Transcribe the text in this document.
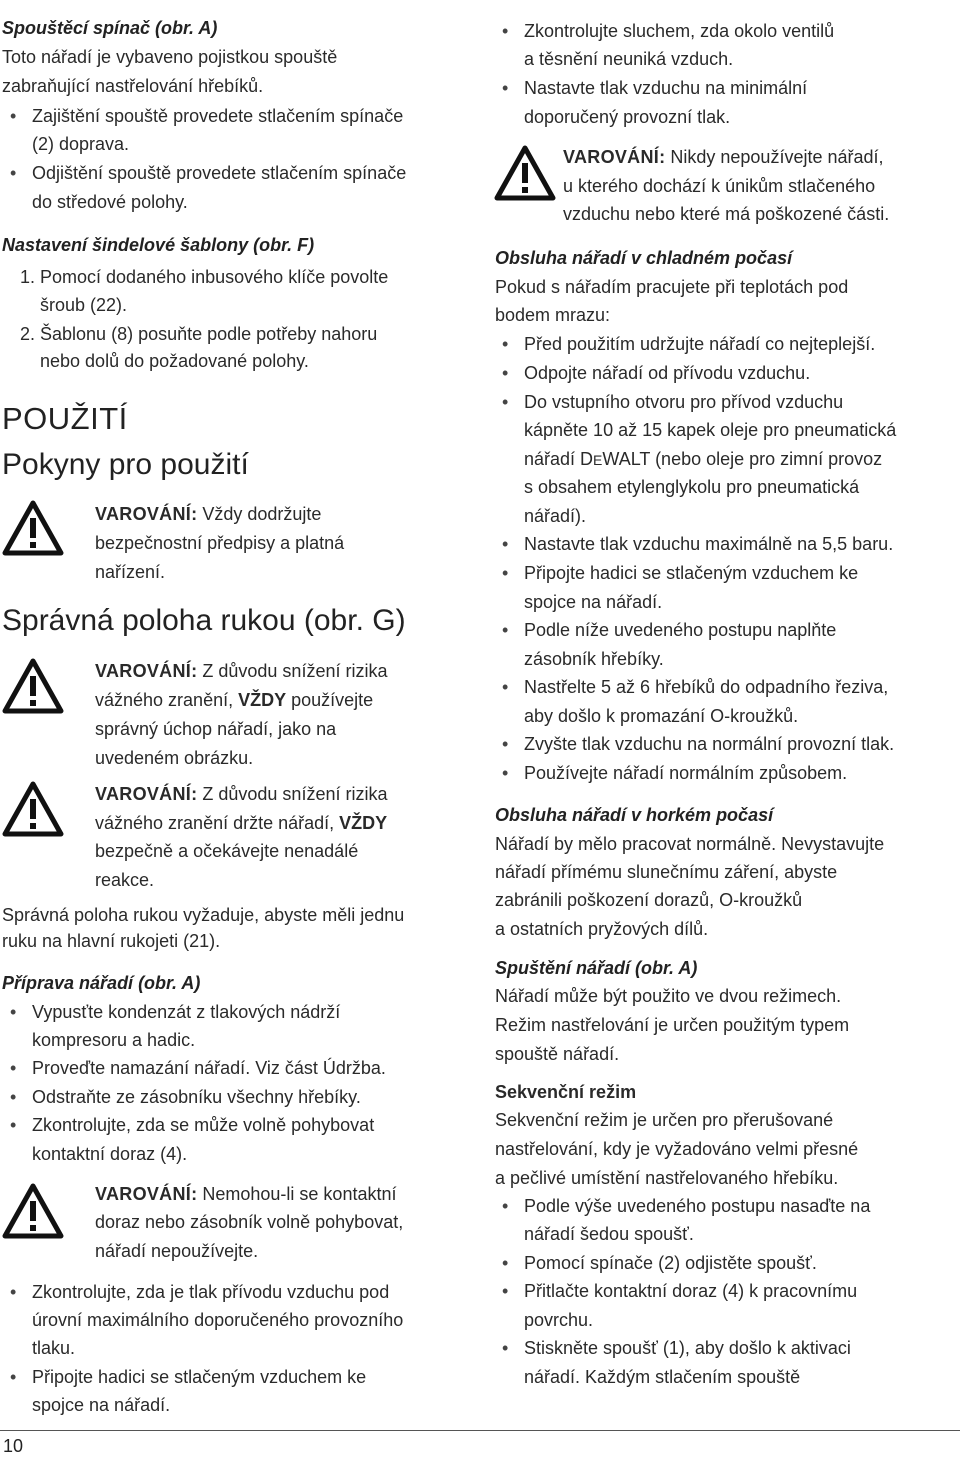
Spouštěcí spínač (obr. A)
Toto nářadí je vybaveno pojistkou spouště
zabraňující nastřelování hřebíků.
• Zajištění spouště provedete stlačením spínače
(2) doprava.
• Odjištění spouště provedete stlačením spínače
do středové polohy.
Nastavení šindelové šablony (obr. F)
1. Pomocí dodaného inbusového klíče povolte
šroub (22).
2. Šablonu (8) posuňte podle potřeby nahoru
nebo dolů do požadované polohy.
POUŽITÍ
Pokyny pro použití
VAROVÁNÍ: Vždy dodržujte
bezpečnostní předpisy a platná
nařízení.
Správná poloha rukou (obr. G)
VAROVÁNÍ: Z důvodu snížení rizika
vážného zranění, VŽDY používejte
správný úchop nářadí, jako na
uvedeném obrázku.
VAROVÁNÍ: Z důvodu snížení rizika
vážného zranění držte nářadí, VŽDY
bezpečně a očekávejte nenadálé
reakce.
Správná poloha rukou vyžaduje, abyste měli jednu
ruku na hlavní rukojeti (21).
Příprava nářadí (obr. A)
• Vypusťte kondenzát z tlakových nádrží
kompresoru a hadic.
• Proveďte namazání nářadí. Viz část Údržba.
• Odstraňte ze zásobníku všechny hřebíky.
• Zkontrolujte, zda se může volně pohybovat
kontaktní doraz (4).
VAROVÁNÍ: Nemohou-li se kontaktní
doraz nebo zásobník volně pohybovat,
nářadí nepoužívejte.
• Zkontrolujte, zda je tlak přívodu vzduchu pod
úrovní maximálního doporučeného provozního
tlaku.
• Připojte hadici se stlačeným vzduchem ke
spojce na nářadí.
• Zkontrolujte sluchem, zda okolo ventilů
a těsnění neuniká vzduch.
• Nastavte tlak vzduchu na minimální
doporučený provozní tlak.
VAROVÁNÍ: Nikdy nepoužívejte nářadí,
u kterého dochází k únikům stlačeného
vzduchu nebo které má poškozené části.
Obsluha nářadí v chladném počasí
Pokud s nářadím pracujete při teplotách pod
bodem mrazu:
• Před použitím udržujte nářadí co nejteplejší.
• Odpojte nářadí od přívodu vzduchu.
• Do vstupního otvoru pro přívod vzduchu
kápněte 10 až 15 kapek oleje pro pneumatická
nářadí DEWALT (nebo oleje pro zimní provoz
s obsahem etylenglykolu pro pneumatická
nářadí).
• Nastavte tlak vzduchu maximálně na 5,5 baru.
• Připojte hadici se stlačeným vzduchem ke
spojce na nářadí.
• Podle níže uvedeného postupu naplňte
zásobník hřebíky.
• Nastřelte 5 až 6 hřebíků do odpadního řeziva,
aby došlo k promazání O-kroužků.
• Zvyšte tlak vzduchu na normální provozní tlak.
• Používejte nářadí normálním způsobem.
Obsluha nářadí v horkém počasí
Nářadí by mělo pracovat normálně. Nevystavujte
nářadí přímému slunečnímu záření, abyste
zabránili poškození dorazů, O-kroužků
a ostatních pryžových dílů.
Spuštění nářadí (obr. A)
Nářadí může být použito ve dvou režimech.
Režim nastřelování je určen použitým typem
spouště nářadí.
Sekvenční režim
Sekvenční režim je určen pro přerušované
nastřelování, kdy je vyžadováno velmi přesné
a pečlivé umístění nastřelovaného hřebíku.
• Podle výše uvedeného postupu nasaďte na
nářadí šedou spoušť.
• Pomocí spínače (2) odjistěte spoušť.
• Přitlačte kontaktní doraz (4) k pracovnímu
povrchu.
• Stiskněte spoušť (1), aby došlo k aktivaci
nářadí. Každým stlačením spouště
10
